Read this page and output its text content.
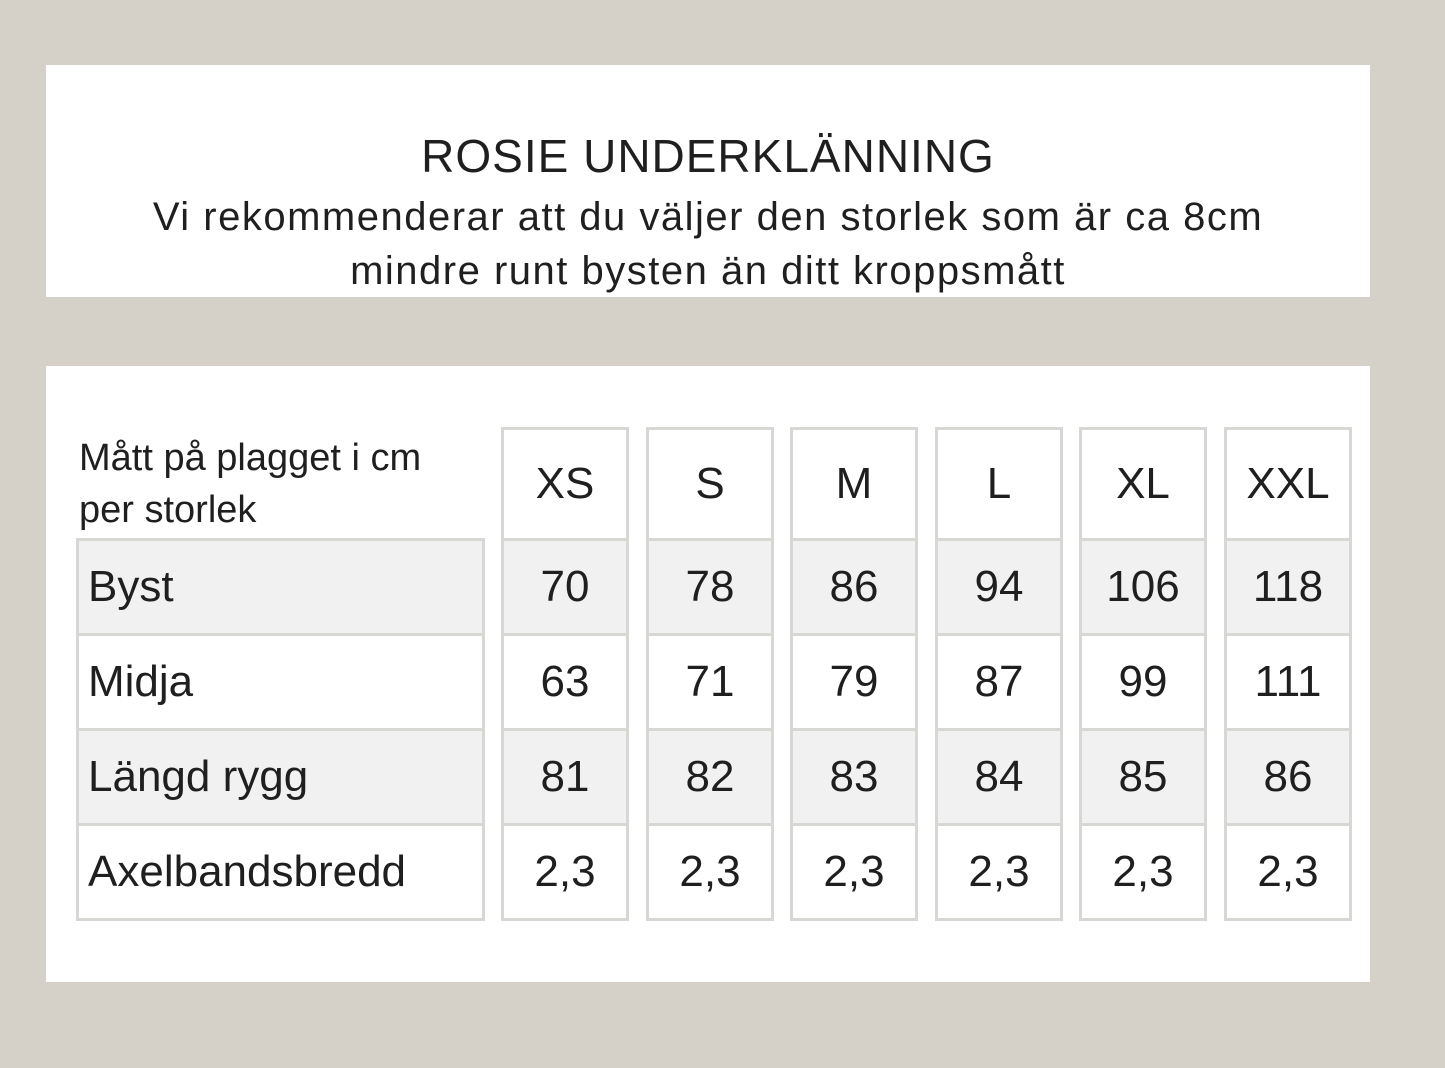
ROSIE UNDERKLÄNNING
Vi rekommenderar att du väljer den storlek som är ca 8cm mindre runt bysten än ditt kroppsmått
Mått på plagget i cm per storlek
Byst
Midja
Längd rygg
Axelbandsbredd
XS
70
63
81
2,3
S
78
71
82
2,3
M
86
79
83
2,3
L
94
87
84
2,3
XL
106
99
85
2,3
XXL
118
111
86
2,3
